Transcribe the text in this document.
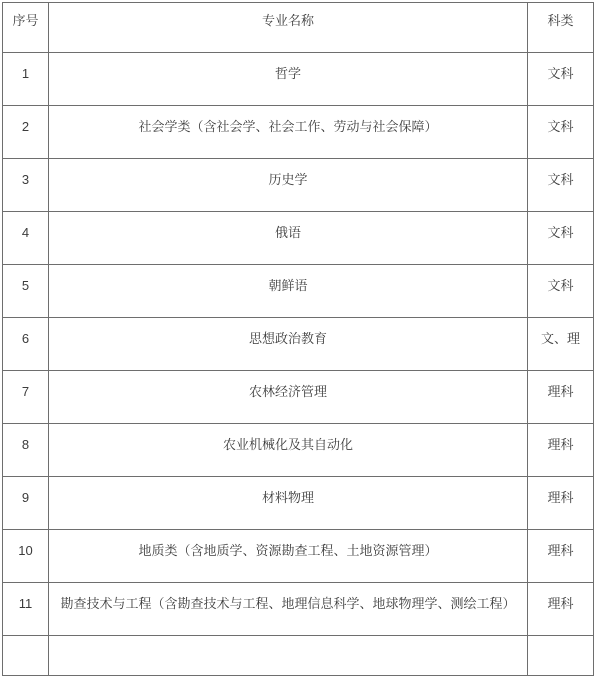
序号	专业名称	科类
1	哲学	文科
2	社会学类（含社会学、社会工作、劳动与社会保障）	文科
3	历史学	文科
4	俄语	文科
5	朝鲜语	文科
6	思想政治教育	文、理
7	农林经济管理	理科
8	农业机械化及其自动化	理科
9	材料物理	理科
10	地质类（含地质学、资源勘查工程、土地资源管理）	理科
11	勘查技术与工程（含勘查技术与工程、地理信息科学、地球物理学、测绘工程）	理科
